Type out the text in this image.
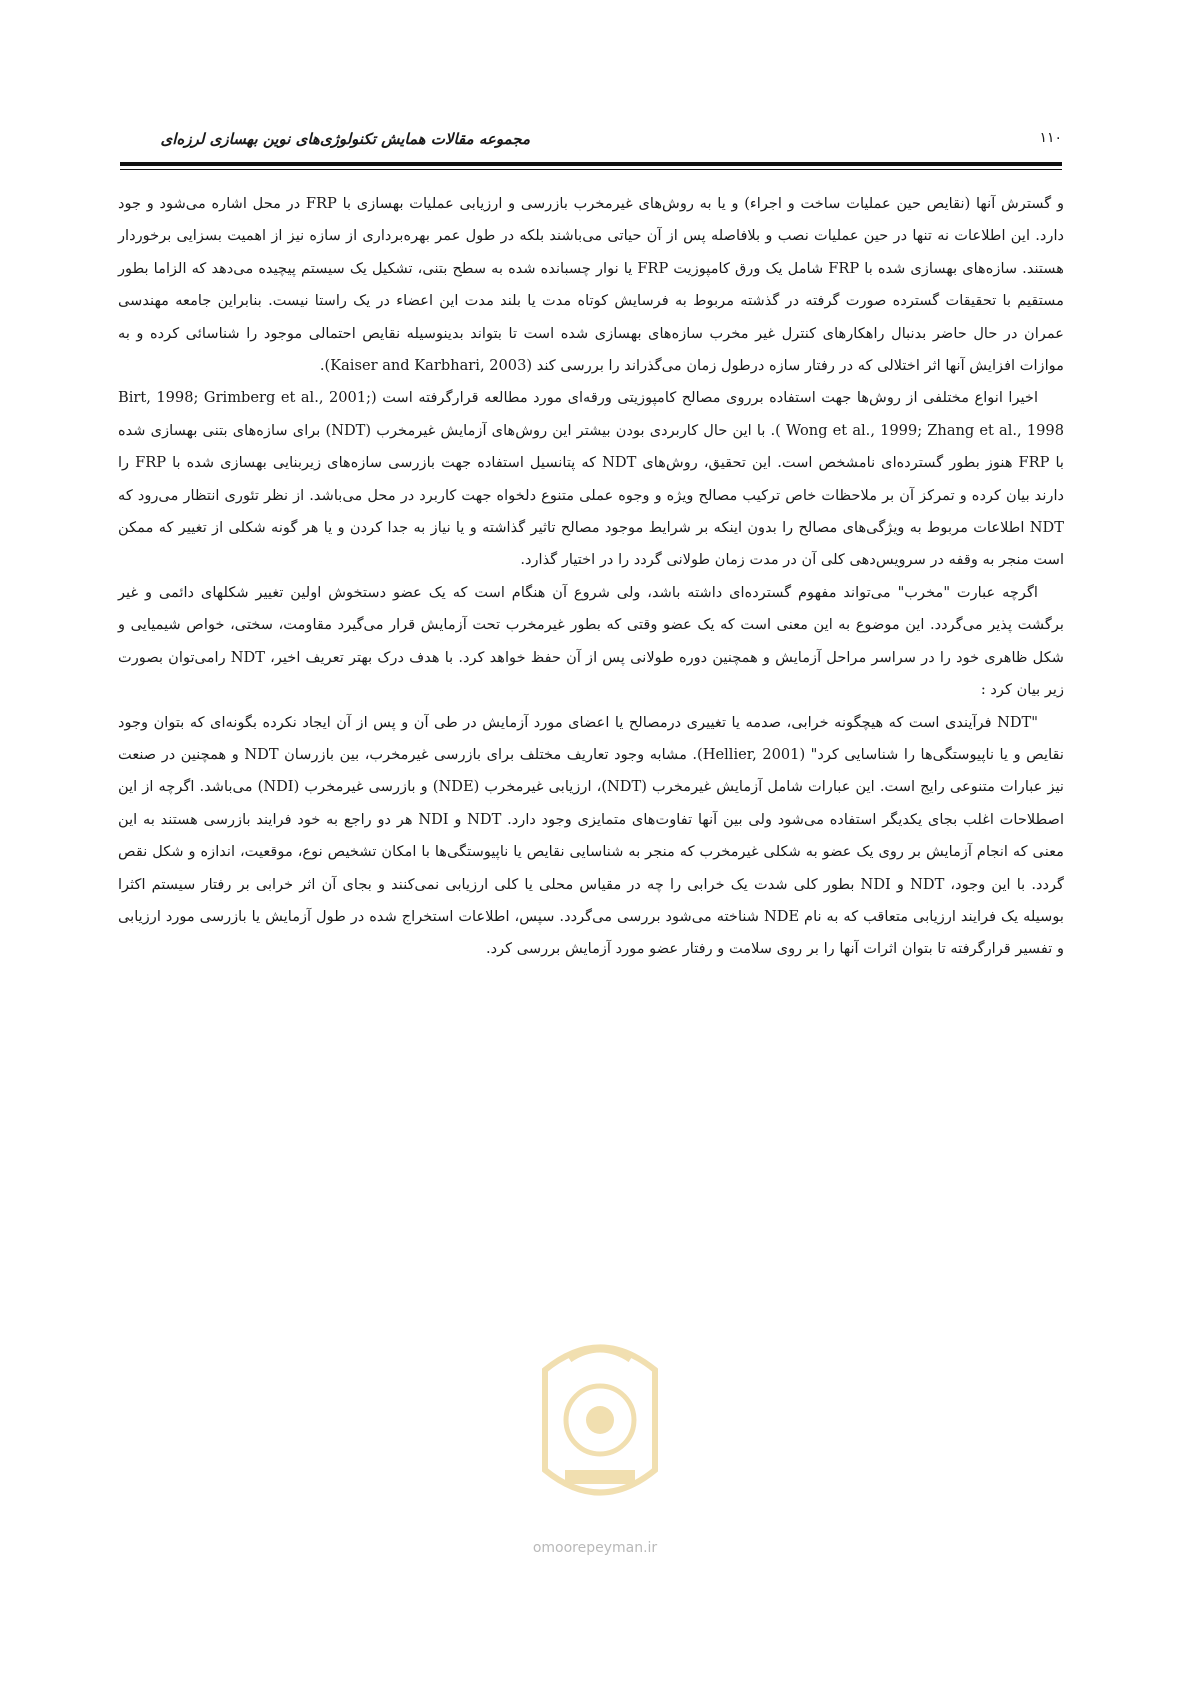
مجموعه مقالات همایش تکنولوژی‌های نوین بهسازی لرزه‌ای	۱۱۰

و گسترش آنها (نقایص حین عملیات ساخت و اجراء) و یا به روش‌های غیرمخرب بازرسی و ارزیابی عملیات بهسازی با FRP در محل اشاره می‌شود و جود دارد. این اطلاعات نه تنها در حین عملیات نصب و بلافاصله پس از آن حیاتی می‌باشند بلکه در طول عمر بهره‌برداری از سازه نیز از اهمیت بسزایی برخوردار هستند. سازه‌های بهسازی شده با FRP شامل یک ورق کامپوزیت FRP یا نوار چسبانده شده به سطح بتنی، تشکیل یک سیستم پیچیده می‌دهد که الزاما بطور مستقیم با تحقیقات گسترده صورت گرفته در گذشته مربوط به فرسایش کوتاه مدت یا بلند مدت این اعضاء در یک راستا نیست. بنابراین جامعه مهندسی عمران در حال حاضر بدنبال راهکارهای کنترل غیر مخرب سازه‌های بهسازی شده است تا بتواند بدینوسیله نقایص احتمالی موجود را شناسائی کرده و به موازات افزایش آنها اثر اختلالی که در رفتار سازه درطول زمان می‌گذراند را بررسی کند (Kaiser and Karbhari, 2003).

اخیرا انواع مختلفی از روش‌ها جهت استفاده برروی مصالح کامپوزیتی ورقه‌ای مورد مطالعه قرارگرفته است (Birt, 1998; Grimberg et al., 2001; Wong et al., 1999; Zhang et al., 1998 ). با این حال کاربردی بودن بیشتر این روش‌های آزمایش غیرمخرب (NDT) برای سازه‌های بتنی بهسازی شده با FRP هنوز بطور گسترده‌ای نامشخص است. این تحقیق، روش‌های NDT که پتانسیل استفاده جهت بازرسی سازه‌های زیربنایی بهسازی شده با FRP را دارند بیان کرده و تمرکز آن بر ملاحظات خاص ترکیب مصالح ویژه و وجوه عملی متنوع دلخواه جهت کاربرد در محل می‌باشد. از نظر تئوری انتظار می‌رود که NDT اطلاعات مربوط به ویژگی‌های مصالح را بدون اینکه بر شرایط موجود مصالح تاثیر گذاشته و یا نیاز به جدا کردن و یا هر گونه شکلی از تغییر که ممکن است منجر به وقفه در سرویس‌دهی کلی آن در مدت زمان طولانی گردد را در اختیار گذارد.

اگرچه عبارت "مخرب" می‌تواند مفهوم گسترده‌ای داشته باشد، ولی شروع آن هنگام است که یک عضو دستخوش اولین تغییر شکلهای دائمی و غیر برگشت پذیر می‌گردد. این موضوع به این معنی است که یک عضو وقتی که بطور غیرمخرب تحت آزمایش قرار می‌گیرد مقاومت، سختی، خواص شیمیایی و شکل ظاهری خود را در سراسر مراحل آزمایش و همچنین دوره طولانی پس از آن حفظ خواهد کرد. با هدف درک بهتر تعریف اخیر، NDT رامی‌توان بصورت زیر بیان کرد :

"NDT فرآیندی است که هیچگونه خرابی، صدمه یا تغییری درمصالح یا اعضای مورد آزمایش در طی آن و پس از آن ایجاد نکرده بگونه‌ای که بتوان وجود نقایص و یا ناپیوستگی‌ها را شناسایی کرد" (Hellier, 2001). مشابه وجود تعاریف مختلف برای بازرسی غیرمخرب، بین بازرسان NDT و همچنین در صنعت نیز عبارات متنوعی رایج است. این عبارات شامل آزمایش غیرمخرب (NDT)، ارزیابی غیرمخرب (NDE) و بازرسی غیرمخرب (NDI) می‌باشد. اگرچه از این اصطلاحات اغلب بجای یکدیگر استفاده می‌شود ولی بین آنها تفاوت‌های متمایزی وجود دارد. NDT و NDI هر دو راجع به خود فرایند بازرسی هستند به این معنی که انجام آزمایش بر روی یک عضو به شکلی غیرمخرب که منجر به شناسایی نقایص یا ناپیوستگی‌ها با امکان تشخیص نوع، موقعیت، اندازه و شکل نقص گردد. با این وجود، NDT و NDI بطور کلی شدت یک خرابی را چه در مقیاس محلی یا کلی ارزیابی نمی‌کنند و بجای آن اثر خرابی بر رفتار سیستم اکثرا بوسیله یک فرایند ارزیابی متعاقب که به نام NDE شناخته می‌شود بررسی می‌گردد. سپس، اطلاعات استخراج شده در طول آزمایش یا بازرسی مورد ارزیابی و تفسیر قرارگرفته تا بتوان اثرات آنها را بر روی سلامت و رفتار عضو مورد آزمایش بررسی کرد.

omoorepeyman.ir
